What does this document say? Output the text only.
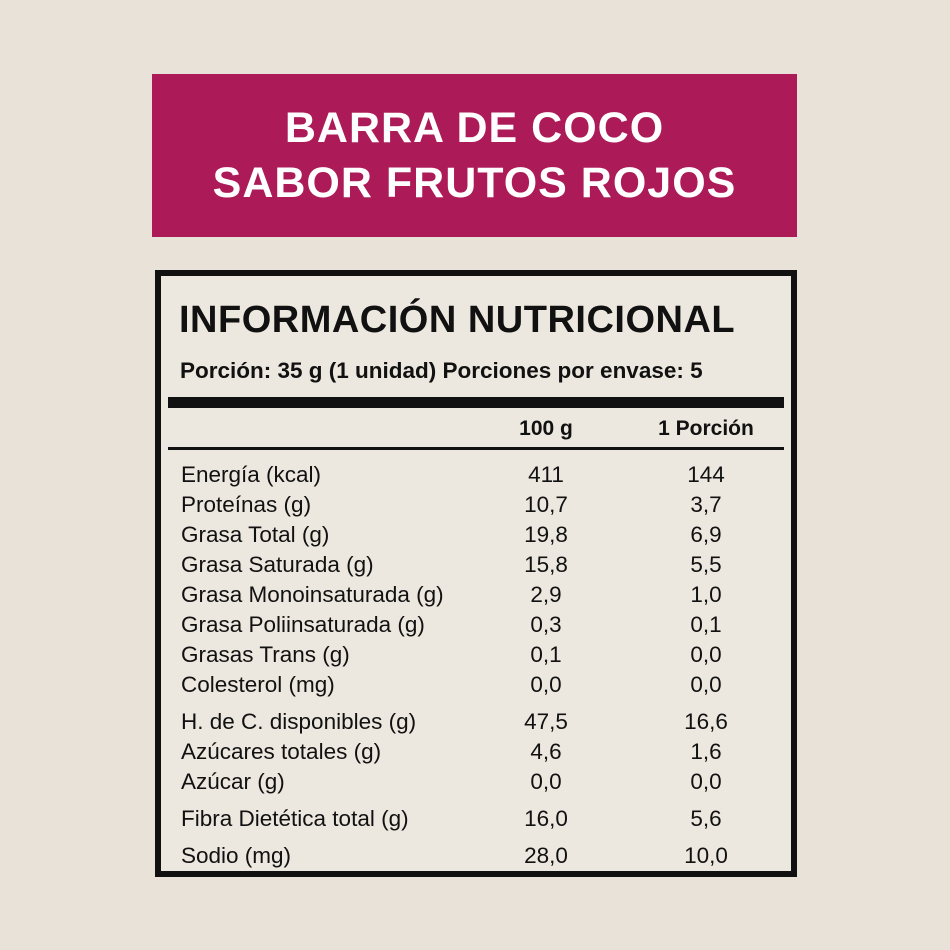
BARRA DE COCO
SABOR FRUTOS ROJOS
INFORMACIÓN NUTRICIONAL
Porción: 35 g (1 unidad) Porciones por envase: 5
100 g	1 Porción
Energía (kcal)	411	144
Proteínas (g)	10,7	3,7
Grasa Total (g)	19,8	6,9
Grasa Saturada (g)	15,8	5,5
Grasa Monoinsaturada (g)	2,9	1,0
Grasa Poliinsaturada (g)	0,3	0,1
Grasas Trans (g)	0,1	0,0
Colesterol (mg)	0,0	0,0
H. de C. disponibles (g)	47,5	16,6
Azúcares totales (g)	4,6	1,6
Azúcar (g)	0,0	0,0
Fibra Dietética total (g)	16,0	5,6
Sodio (mg)	28,0	10,0
